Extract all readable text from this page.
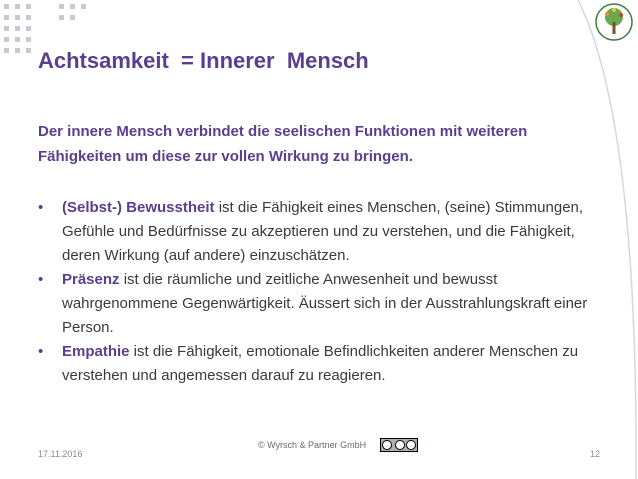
Achtsamkeit  = Innerer  Mensch
Der innere Mensch verbindet die seelischen Funktionen mit weiteren Fähigkeiten um diese zur vollen Wirkung zu bringen.
• (Selbst-) Bewusstheit ist die Fähigkeit eines Menschen, (seine) Stimmungen, Gefühle und Bedürfnisse zu akzeptieren und zu verstehen, und die Fähigkeit, deren Wirkung (auf andere) einzuschätzen.
• Präsenz ist die räumliche und zeitliche Anwesenheit und bewusst wahrgenommene Gegenwärtigkeit. Äussert sich in der Ausstrahlungskraft einer Person.
• Empathie ist die Fähigkeit, emotionale Befindlichkeiten anderer Menschen zu verstehen und angemessen darauf zu reagieren.
17.11.2016
© Wyrsch & Partner GmbH
12
